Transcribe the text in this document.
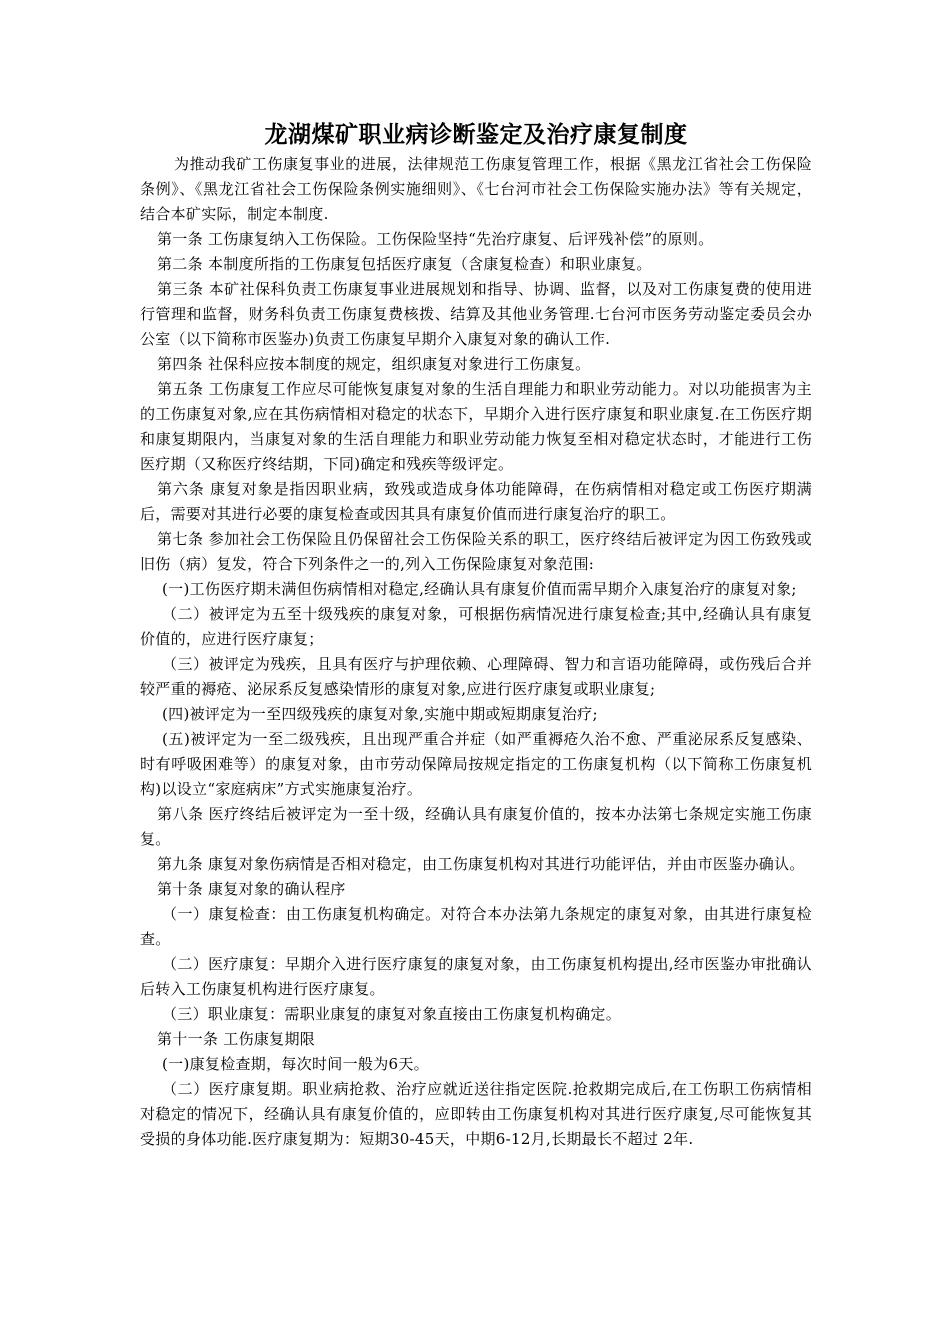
龙湖煤矿职业病诊断鉴定及治疗康复制度

为推动我矿工伤康复事业的进展，法律规范工伤康复管理工作，根据《黑龙江省社会工伤保险条例》、《黑龙江省社会工伤保险条例实施细则》、《七台河市社会工伤保险实施办法》等有关规定，结合本矿实际，制定本制度.

第一条 工伤康复纳入工伤保险。工伤保险坚持“先治疗康复、后评残补偿”的原则。

第二条 本制度所指的工伤康复包括医疗康复（含康复检查）和职业康复。

第三条 本矿社保科负责工伤康复事业进展规划和指导、协调、监督，以及对工伤康复费的使用进行管理和监督，财务科负责工伤康复费核拨、结算及其他业务管理.七台河市医务劳动鉴定委员会办公室（以下简称市医鉴办)负责工伤康复早期介入康复对象的确认工作.

第四条 社保科应按本制度的规定，组织康复对象进行工伤康复。

第五条 工伤康复工作应尽可能恢复康复对象的生活自理能力和职业劳动能力。对以功能损害为主的工伤康复对象,应在其伤病情相对稳定的状态下，早期介入进行医疗康复和职业康复.在工伤医疗期和康复期限内，当康复对象的生活自理能力和职业劳动能力恢复至相对稳定状态时，才能进行工伤医疗期（又称医疗终结期，下同)确定和残疾等级评定。

第六条 康复对象是指因职业病，致残或造成身体功能障碍，在伤病情相对稳定或工伤医疗期满后，需要对其进行必要的康复检查或因其具有康复价值而进行康复治疗的职工。

第七条 参加社会工伤保险且仍保留社会工伤保险关系的职工，医疗终结后被评定为因工伤致残或旧伤（病）复发，符合下列条件之一的,列入工伤保险康复对象范围:

(一)工伤医疗期未满但伤病情相对稳定,经确认具有康复价值而需早期介入康复治疗的康复对象;

（二）被评定为五至十级残疾的康复对象，可根据伤病情况进行康复检查;其中,经确认具有康复价值的，应进行医疗康复；

（三）被评定为残疾，且具有医疗与护理依赖、心理障碍、智力和言语功能障碍，或伤残后合并较严重的褥疮、泌尿系反复感染情形的康复对象,应进行医疗康复或职业康复;

(四)被评定为一至四级残疾的康复对象,实施中期或短期康复治疗;

(五)被评定为一至二级残疾，且出现严重合并症（如严重褥疮久治不愈、严重泌尿系反复感染、时有呼吸困难等）的康复对象，由市劳动保障局按规定指定的工伤康复机构（以下简称工伤康复机构)以设立“家庭病床”方式实施康复治疗。

第八条 医疗终结后被评定为一至十级，经确认具有康复价值的，按本办法第七条规定实施工伤康复。

第九条 康复对象伤病情是否相对稳定，由工伤康复机构对其进行功能评估，并由市医鉴办确认。

第十条 康复对象的确认程序

（一）康复检查：由工伤康复机构确定。对符合本办法第九条规定的康复对象，由其进行康复检查。

（二）医疗康复：早期介入进行医疗康复的康复对象，由工伤康复机构提出,经市医鉴办审批确认后转入工伤康复机构进行医疗康复。

（三）职业康复：需职业康复的康复对象直接由工伤康复机构确定。

第十一条 工伤康复期限

(一)康复检查期，每次时间一般为6天。

（二）医疗康复期。职业病抢救、治疗应就近送往指定医院.抢救期完成后,在工伤职工伤病情相对稳定的情况下，经确认具有康复价值的，应即转由工伤康复机构对其进行医疗康复,尽可能恢复其受损的身体功能.医疗康复期为：短期30-45天，中期6-12月,长期最长不超过 2年.
